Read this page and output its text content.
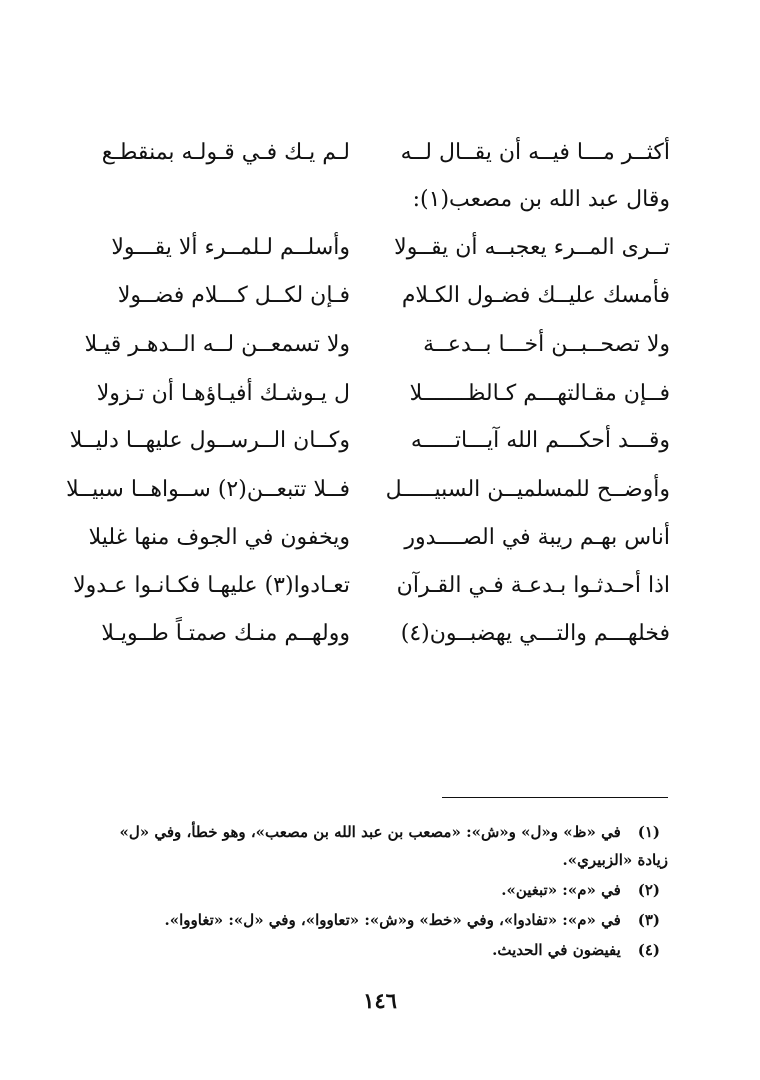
أكثــر مـــا فيــه أن يقــال لــه
لـم يـك فـي قـولـه بمنقطـع
وقال عبد الله بن مصعب(١):
تــرى المــرء يعجبــه أن يقــولا
وأسلــم لـلمــرء ألا يقـــولا
فأمسك عليــك فضـول الكـلام
فـإن لكــل كـــلام فضــولا
ولا تصحــبــن أخـــا بــدعــة
ولا تسمعــن لــه الــدهـر قيـلا
فــإن مقـالتهـــم كـالظـــــــلا
ل يـوشـك أفيـاؤهـا أن تـزولا
وقـــد أحكـــم الله آيـــاتـــــه
وكــان الــرســول عليهــا دليــلا
وأوضــح للمسلميــن السبيـــــل
فــلا تتبعــن(٢) ســواهــا سبيــلا
أناس بهـم ريبة في الصــــدور
ويخفون في الجوف منها غليلا
اذا أحـدثـوا بـدعـة فـي القـرآن
تعـادوا(٣) عليهـا فكـانـوا عـدولا
فخلهـــم والتـــي يهضبــون(٤)
وولهــم منـك صمتـاً طــويـلا
(١) في «ظ» و«ل» و«ش»: «مصعب بن عبد الله بن مصعب»، وهو خطأ، وفي «ل»
زيادة «الزبيري».
(٢) في «م»: «تبغين».
(٣) في «م»: «تفادوا»، وفي «خط» و«ش»: «تعاووا»، وفي «ل»: «تغاووا».
(٤) يفيضون في الحديث.
١٤٦
